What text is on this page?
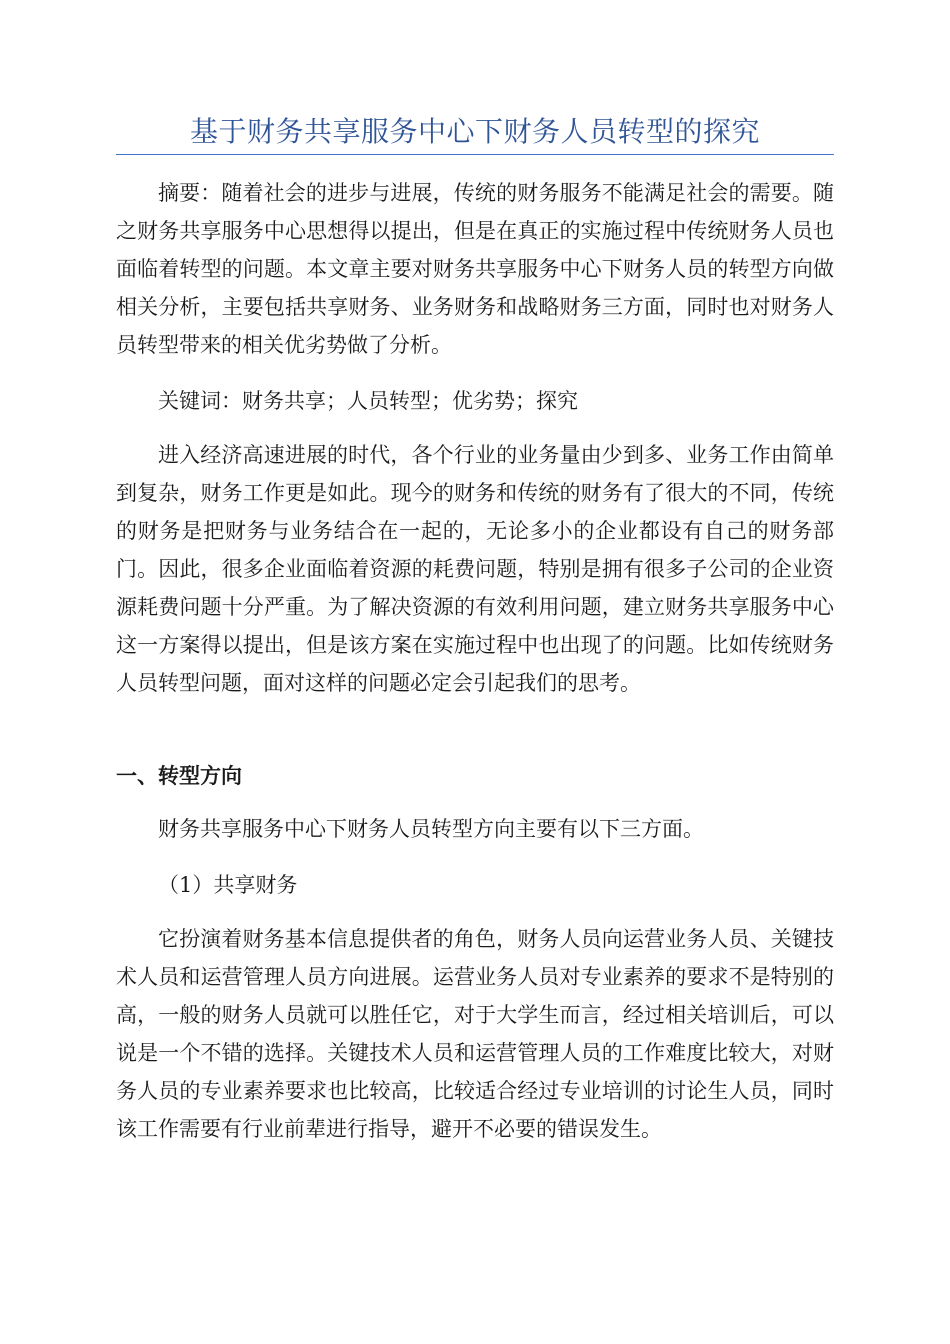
基于财务共享服务中心下财务人员转型的探究

摘要：随着社会的进步与进展，传统的财务服务不能满足社会的需要。随之财务共享服务中心思想得以提出，但是在真正的实施过程中传统财务人员也面临着转型的问题。本文章主要对财务共享服务中心下财务人员的转型方向做相关分析，主要包括共享财务、业务财务和战略财务三方面，同时也对财务人员转型带来的相关优劣势做了分析。

关键词：财务共享；人员转型；优劣势；探究

进入经济高速进展的时代，各个行业的业务量由少到多、业务工作由简单到复杂，财务工作更是如此。现今的财务和传统的财务有了很大的不同，传统的财务是把财务与业务结合在一起的，无论多小的企业都设有自己的财务部门。因此，很多企业面临着资源的耗费问题，特别是拥有很多子公司的企业资源耗费问题十分严重。为了解决资源的有效利用问题，建立财务共享服务中心这一方案得以提出，但是该方案在实施过程中也出现了的问题。比如传统财务人员转型问题，面对这样的问题必定会引起我们的思考。

一、转型方向

财务共享服务中心下财务人员转型方向主要有以下三方面。

（1）共享财务

它扮演着财务基本信息提供者的角色，财务人员向运营业务人员、关键技术人员和运营管理人员方向进展。运营业务人员对专业素养的要求不是特别的高，一般的财务人员就可以胜任它，对于大学生而言，经过相关培训后，可以说是一个不错的选择。关键技术人员和运营管理人员的工作难度比较大，对财务人员的专业素养要求也比较高，比较适合经过专业培训的讨论生人员，同时该工作需要有行业前辈进行指导，避开不必要的错误发生。
